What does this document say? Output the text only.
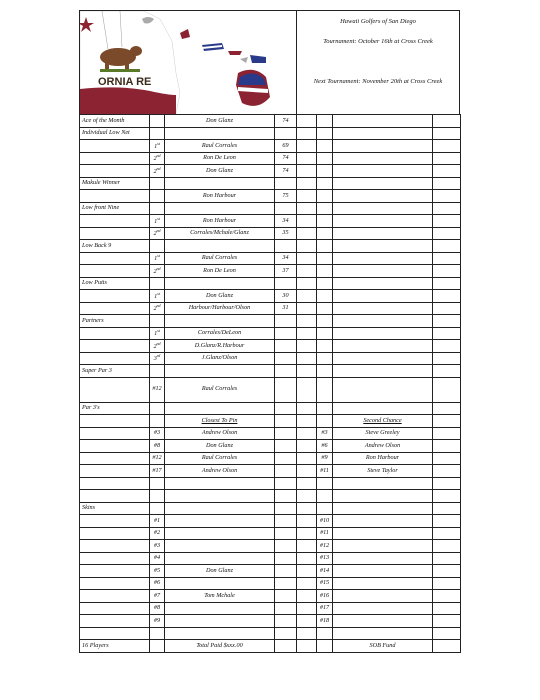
ORNIA RE
Hawaii Golfers of San Diego
Tournament: October 16th at Cross Creek
Next Tournament: November 20th at Cross Creek
Ace of the Month		Don Glanz	74				
Individual Low Net							
	1st	Raul Corrales	69				
	2nd	Ron De Leon	74				
	2nd	Don Glanz	74				
Makule Winner							
		Ron Harbour	75				
Low front Nine							
	1st	Ron Harbour	34				
	2nd	Corrales/Mchale/Glanz	35				
Low Back 9							
	1st	Raul Corrales	34				
	2nd	Ron De Leon	37				
Low Putts							
	1st	Don Glanz	30				
	2nd	Harbour/Harbour/Olson	31				
Partners							
	1st	Corrales/DeLeon					
	2nd	D.Glanz/R.Harbour					
	3rd	J.Glanz/Olson					
Super Par 3							
	#12	Raul Corrales					
Par 3's							
		Closest To Pin				Second Chance	
	#3	Andrew Olson			#3	Steve Greeley	
	#8	Don Glanz			#6	Andrew Olson	
	#12	Raul Corrales			#9	Ron Harbour	
	#17	Andrew Olson			#11	Steve Taylor	

Skins							
	#1				#10		
	#2				#11		
	#3				#12		
	#4				#13		
	#5	Don Glanz			#14		
	#6				#15		
	#7	Tom Mchale			#16		
	#8				#17		
	#9				#18		

16 Players		Total Paid $xxx.00				SOB Fund	
